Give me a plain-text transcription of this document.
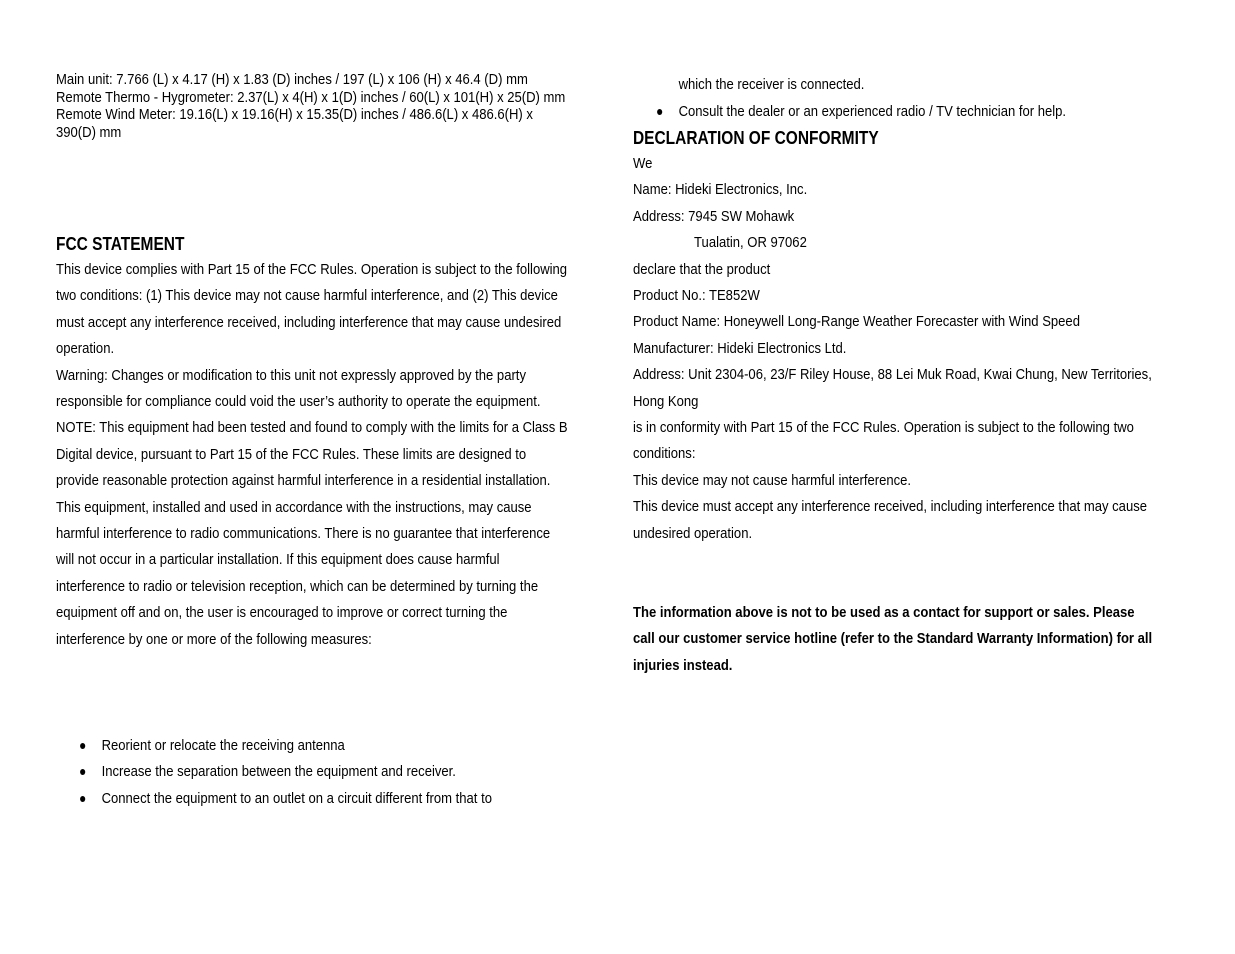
Main unit: 7.766 (L) x 4.17 (H) x 1.83 (D) inches / 197 (L) x 106 (H) x 46.4 (D) mm

Remote Thermo - Hygrometer: 2.37(L) x 4(H) x 1(D) inches / 60(L) x 101(H) x 25(D) mm

Remote Wind Meter: 19.16(L) x 19.16(H) x 15.35(D) inches / 486.6(L) x 486.6(H) x 390(D) mm

FCC STATEMENT

This device complies with Part 15 of the FCC Rules. Operation is subject to the following two conditions: (1) This device may not cause harmful interference, and (2) This device must accept any interference received, including interference that may cause undesired operation.

Warning: Changes or modification to this unit not expressly approved by the party responsible for compliance could void the user’s authority to operate the equipment.

NOTE: This equipment had been tested and found to comply with the limits for a Class B Digital device, pursuant to Part 15 of the FCC Rules. These limits are designed to provide reasonable protection against harmful interference in a residential installation. This equipment, installed and used in accordance with the instructions, may cause harmful interference to radio communications. There is no guarantee that interference will not occur in a particular installation. If this equipment does cause harmful interference to radio or television reception, which can be determined by turning the equipment off and on, the user is encouraged to improve or correct turning the interference by one or more of the following measures:

Reorient or relocate the receiving antenna
Increase the separation between the equipment and receiver.
Connect the equipment to an outlet on a circuit different from that to

which the receiver is connected.

Consult the dealer or an experienced radio / TV technician for help.
DECLARATION OF CONFORMITY

We

Name: Hideki Electronics, Inc.

Address: 7945 SW Mohawk

Tualatin, OR 97062

declare that the product

Product No.: TE852W

Product Name: Honeywell Long-Range Weather Forecaster with Wind Speed

Manufacturer: Hideki Electronics Ltd.

Address: Unit 2304-06, 23/F Riley House, 88 Lei Muk Road, Kwai Chung, New Territories, Hong Kong

is in conformity with Part 15 of the FCC Rules. Operation is subject to the following two conditions:

This device may not cause harmful interference.

This device must accept any interference received, including interference that may cause undesired operation.

The information above is not to be used as a contact for support or sales. Please call our customer service hotline (refer to the Standard Warranty Information) for all injuries instead.
